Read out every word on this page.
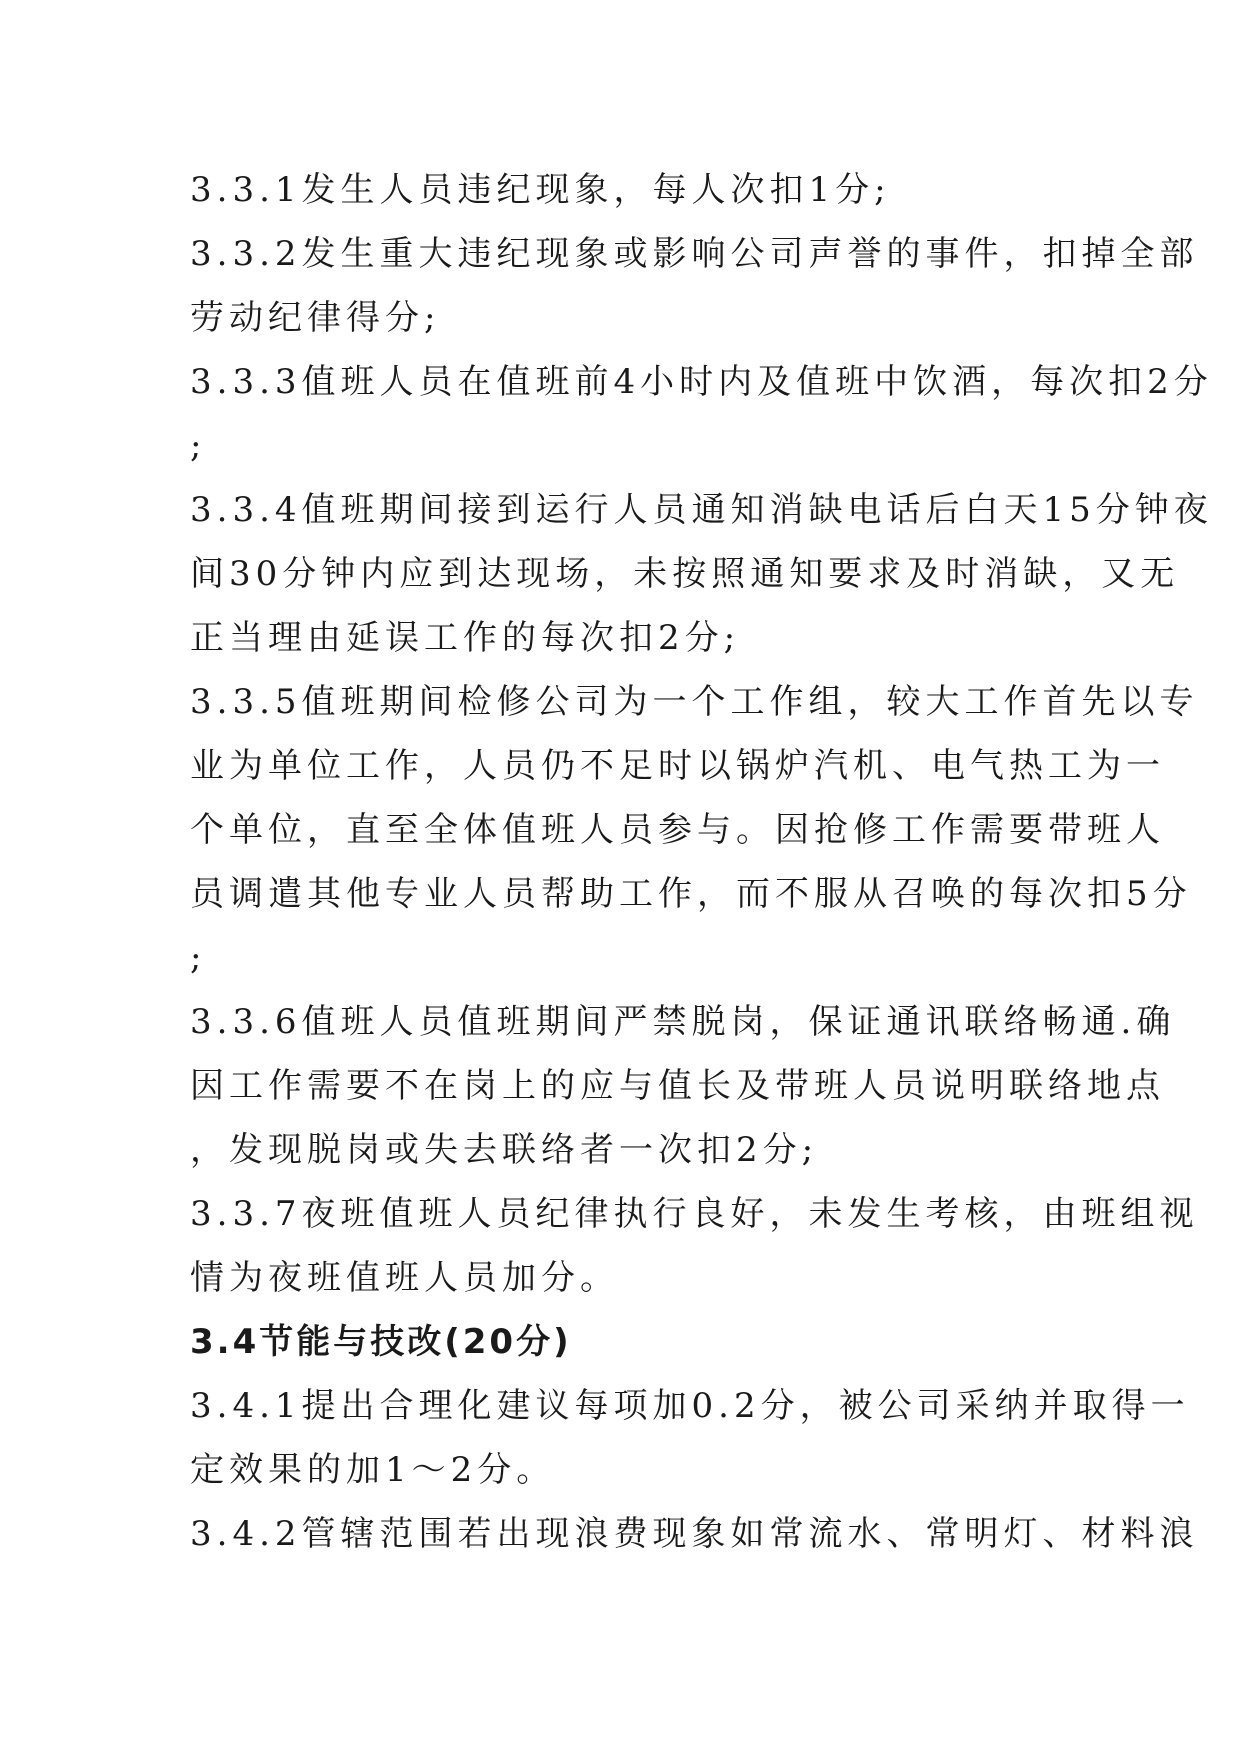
3.3.1发生人员违纪现象，每人次扣1分;
3.3.2发生重大违纪现象或影响公司声誉的事件，扣掉全部
劳动纪律得分;
3.3.3值班人员在值班前4小时内及值班中饮酒，每次扣2分
;
3.3.4值班期间接到运行人员通知消缺电话后白天15分钟夜
间30分钟内应到达现场，未按照通知要求及时消缺，又无
正当理由延误工作的每次扣2分;
3.3.5值班期间检修公司为一个工作组，较大工作首先以专
业为单位工作，人员仍不足时以锅炉汽机、电气热工为一
个单位，直至全体值班人员参与。因抢修工作需要带班人
员调遣其他专业人员帮助工作，而不服从召唤的每次扣5分
;
3.3.6值班人员值班期间严禁脱岗，保证通讯联络畅通.确
因工作需要不在岗上的应与值长及带班人员说明联络地点
，发现脱岗或失去联络者一次扣2分;
3.3.7夜班值班人员纪律执行良好，未发生考核，由班组视
情为夜班值班人员加分。
3.4节能与技改(20分)
3.4.1提出合理化建议每项加0.2分，被公司采纳并取得一
定效果的加1～2分。
3.4.2管辖范围若出现浪费现象如常流水、常明灯、材料浪
